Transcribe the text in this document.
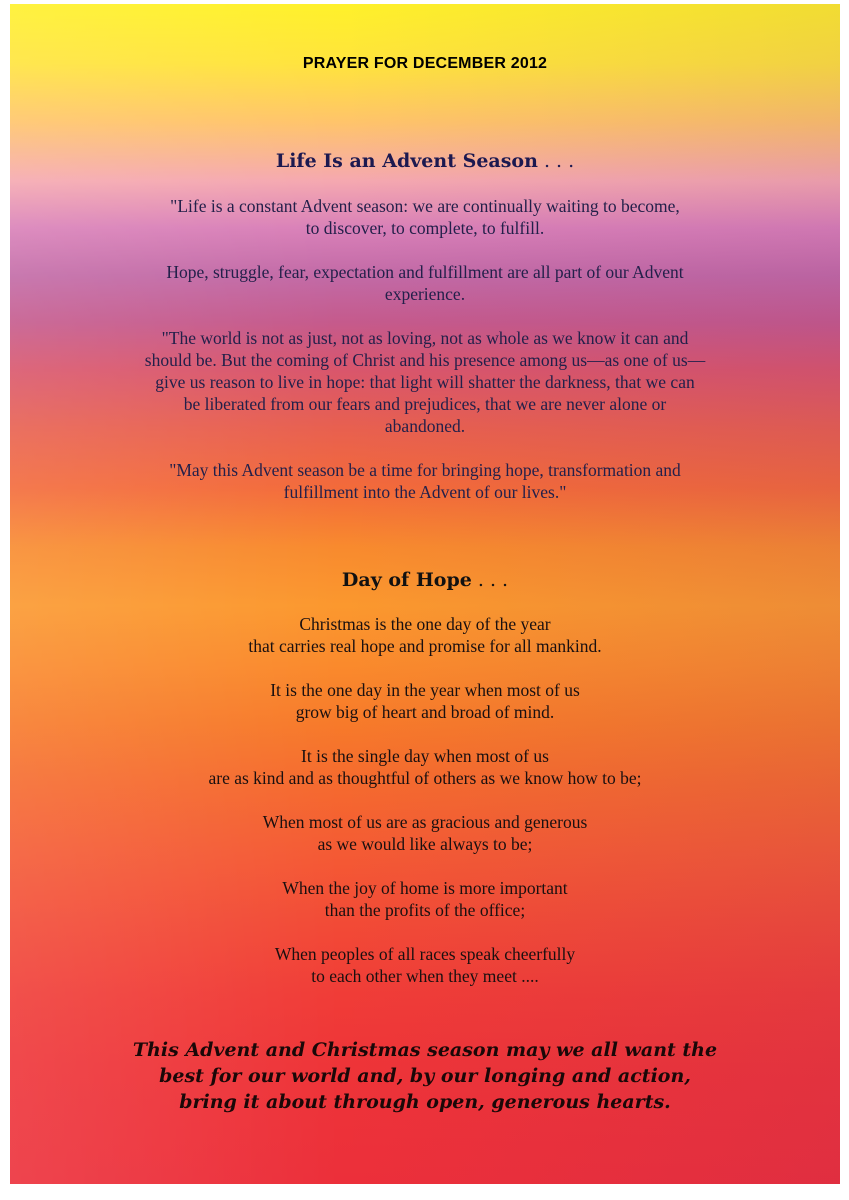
PRAYER FOR DECEMBER 2012
Life Is an Advent Season . . .

"Life is a constant Advent season: we are continually waiting to become,
to discover, to complete, to fulfill.

Hope, struggle, fear, expectation and fulfillment are all part of our Advent
experience.

"The world is not as just, not as loving, not as whole as we know it can and
should be. But the coming of Christ and his presence among us—as one of us—
give us reason to live in hope: that light will shatter the darkness, that we can
be liberated from our fears and prejudices, that we are never alone or
abandoned.

"May this Advent season be a time for bringing hope, transformation and
fulfillment into the Advent of our lives."

Day of Hope . . .

Christmas is the one day of the year
that carries real hope and promise for all mankind.

It is the one day in the year when most of us
grow big of heart and broad of mind.

It is the single day when most of us
are as kind and as thoughtful of others as we know how to be;

When most of us are as gracious and generous
as we would like always to be;

When the joy of home is more important
than the profits of the office;

When peoples of all races speak cheerfully
to each other when they meet ....

This Advent and Christmas season may we all want the
best for our world and, by our longing and action,
bring it about through open, generous hearts.
